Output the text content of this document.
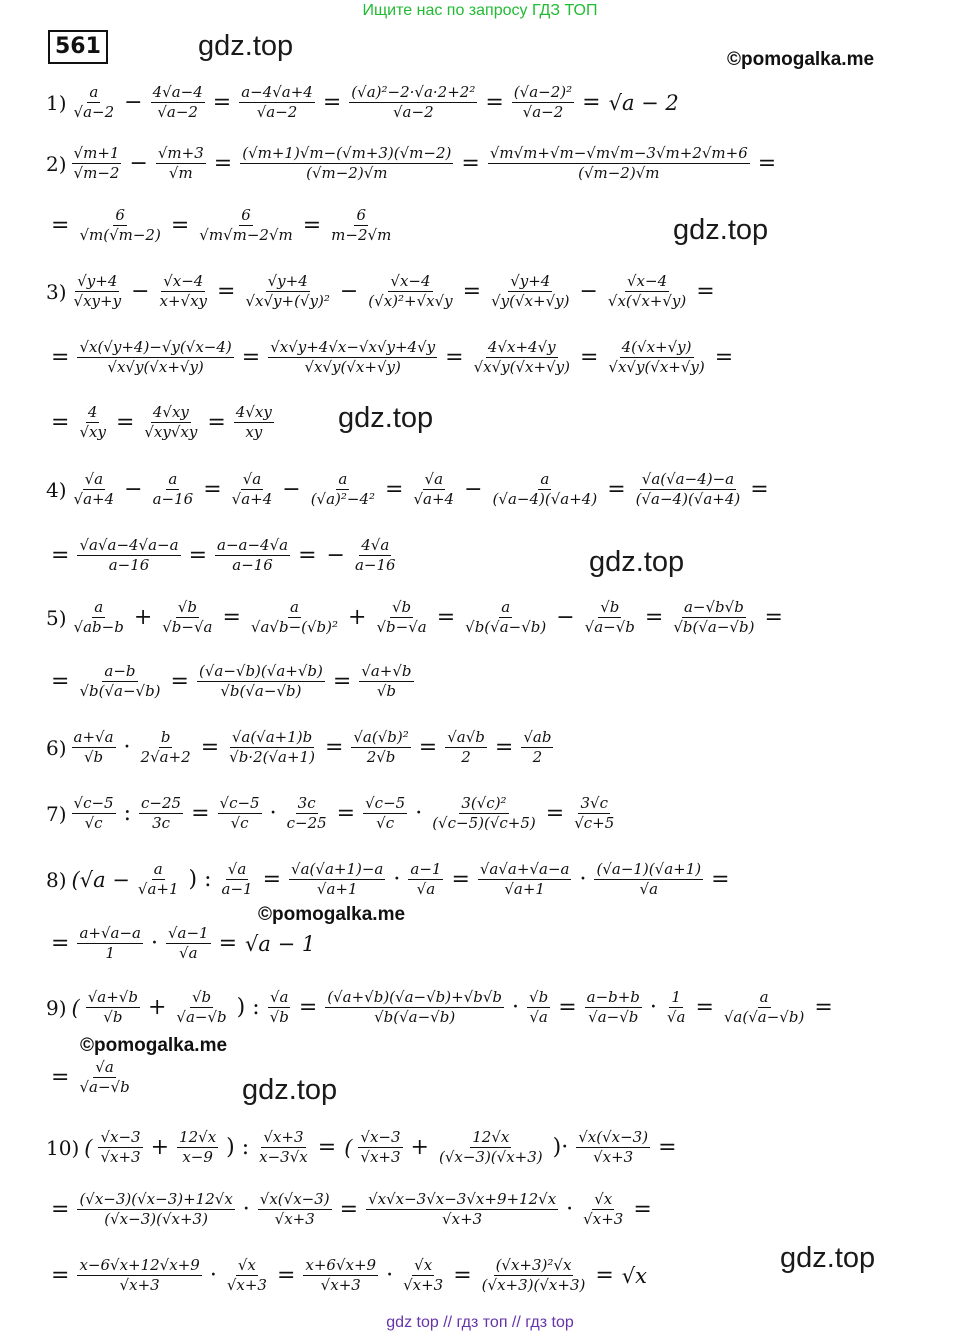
Ищите нас по запросу ГДЗ ТОП
561	gdz.top
gdz.top
gdz.top
gdz.top
gdz.top
gdz.top
©pomogalka.me
©pomogalka.me
©pomogalka.me
$1) \frac{a}{√a-2} - \frac{4√a-4}{√a-2} = \frac{a-4√a+4}{√a-2} = \frac{\text{(√a)²−2·√a·2+2²}}{√a-2} = \frac{\text{(√a−2)²}}{√a-2} = √a - 2$
$2) \frac{√m+1}{√m-2} - \frac{√m+3}{√m} = \frac{(√m+1)√m-(√m+3)(√m-2)}{(√m-2)√m} = \frac{√m√m+√m-√m√m-3√m+2√m+6}{(√m-2)√m}$ =
= $\frac{6}{√m(√m-2)} = \frac{6}{√m√m-2√m} = \frac{6}{m-2√m}$
$3) \frac{√y+4}{√xy+y} - \frac{√x-4}{x+√xy} = \frac{√y+4}{\text{√x√y+(√y)²}} - \frac{√x-4}{\text{(√x)²+√x√y}} = \frac{√y+4}{√y(√x+√y)} - \frac{√x-4}{√x(√x+√y)}$ =
= $\frac{√x(√y+4)-√y(√x-4)}{√x√y(√x+√y)} = \frac{√x√y+4√x-√x√y+4√y}{√x√y(√x+√y)} = \frac{4√x+4√y}{√x√y(√x+√y)} = \frac{4(√x+√y)}{√x√y(√x+√y)}$ =
= $\frac{4}{√xy} = \frac{4√xy}{√xy√xy} = \frac{4√xy}{xy}$
$4) \frac{√a}{√a+4} - \frac{a}{a-16} = \frac{√a}{√a+4} - \frac{a}{\text{(√a)²−4²}} = \frac{√a}{√a+4} - \frac{a}{(√a-4)(√a+4)} = \frac{√a(√a-4)-a}{(√a-4)(√a+4)}$ =
= $\frac{√a√a-4√a-a}{a-16} = \frac{a-a-4√a}{a-16}$ = − $\frac{4√a}{a-16}$
$5) \frac{a}{√ab-b} + \frac{√b}{√b-√a} = \frac{a}{\text{√a√b−(√b)²}} + \frac{√b}{√b-√a} = \frac{a}{√b(√a-√b)} - \frac{√b}{√a-√b} = \frac{a-√b√b}{√b(√a-√b)}$ =
= $\frac{a-b}{√b(√a-√b)} = \frac{(√a-√b)(√a+√b)}{√b(√a-√b)} = \frac{√a+√b}{√b}$
$6) \frac{a+√a}{√b} \cdot \frac{b}{2√a+2} = \frac{√a(√a+1)b}{√b\cdot 2(√a+1)} = \frac{\text{√a(√b)²}}{2√b} = \frac{√a√b}{2} = \frac{√ab}{2}$
$7) \frac{√c-5}{√c}$ : $\frac{c-25}{3c} = \frac{√c-5}{√c} \cdot \frac{3c}{c-25} = \frac{√c-5}{√c} \cdot \frac{\text{3(√c)²}}{(√c-5)(√c+5)} = \frac{3√c}{√c+5}$
8) ($√a - \frac{a}{√a+1}$ ) : $\frac{√a}{a-1} = \frac{√a(√a+1)-a}{√a+1} \cdot \frac{a-1}{√a} = \frac{√a√a+√a-a}{√a+1} \cdot \frac{(√a-1)(√a+1)}{√a}$ =
= $\frac{a+√a-a}{1} \cdot \frac{√a-1}{√a} = √a - 1$
9) ( $\frac{√a+√b}{√b} + \frac{√b}{√a-√b}$ ) : $\frac{√a}{√b} = \frac{(√a+√b)(√a-√b)+√b√b}{√b(√a-√b)} \cdot \frac{√b}{√a} = \frac{a-b+b}{√a-√b} \cdot \frac{1}{√a} = \frac{a}{√a(√a-√b)}$ =
= $\frac{√a}{√a-√b}$
10) ( $\frac{√x-3}{√x+3} + \frac{12√x}{x-9}$ ) : $\frac{√x+3}{x-3√x}$ = ( $\frac{√x-3}{√x+3} + \frac{12√x}{(√x-3)(√x+3)}$ )· $\frac{√x(√x-3)}{√x+3}$ =
= $\frac{(√x-3)(√x-3)+12√x}{(√x-3)(√x+3)} \cdot \frac{√x(√x-3)}{√x+3} = \frac{√x√x-3√x-3√x+9+12√x}{√x+3} \cdot \frac{√x}{√x+3}$ =
= $\frac{x-6√x+12√x+9}{√x+3} \cdot \frac{√x}{√x+3} = \frac{x+6√x+9}{√x+3} \cdot \frac{√x}{√x+3} = \frac{\text{(√x+3)²√x}}{(√x+3)(√x+3)} = √x$
gdz top // гдз топ // гдз top
